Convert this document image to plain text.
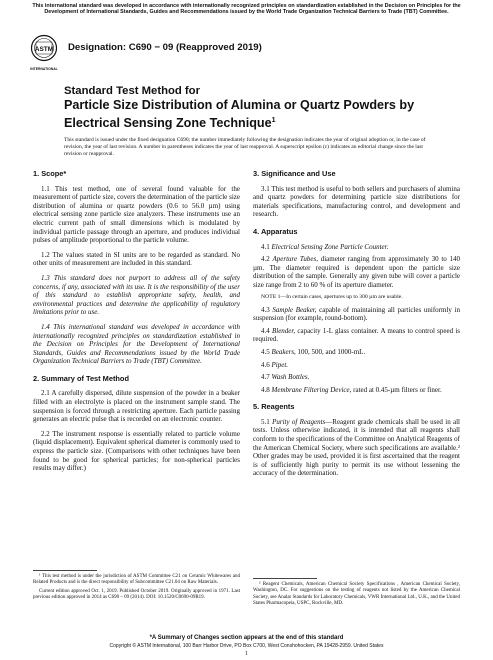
This international standard was developed in accordance with internationally recognized principles on standardization established in the Decision on Principles for the Development of International Standards, Guides and Recommendations issued by the World Trade Organization Technical Barriers to Trade (TBT) Committee.
ASTM
INTERNATIONAL
Designation: C690 − 09 (Reapproved 2019)
Standard Test Method for
Particle Size Distribution of Alumina or Quartz Powders by Electrical Sensing Zone Technique$^1$
This standard is issued under the fixed designation C690; the number immediately following the designation indicates the year of original adoption or, in the case of revision, the year of last revision. A number in parentheses indicates the year of last reapproval. A superscript epsilon (ε) indicates an editorial change since the last revision or reapproval.
1. Scope*

1.1 This test method, one of several found valuable for the measurement of particle size, covers the determination of the particle size distribution of alumina or quartz powders (0.6 to 56.0 µm) using electrical sensing zone particle size analyzers. These instruments use an electric current path of small dimensions which is modulated by individual particle passage through an aperture, and produces individual pulses of amplitude proportional to the particle volume.

1.2 The values stated in SI units are to be regarded as standard. No other units of measurement are included in this standard.

1.3 This standard does not purport to address all of the safety concerns, if any, associated with its use. It is the responsibility of the user of this standard to establish appropriate safety, health, and environmental practices and determine the applicability of regulatory limitations prior to use.

1.4 This international standard was developed in accordance with internationally recognized principles on standardization established in the Decision on Principles for the Development of International Standards, Guides and Recommendations issued by the World Trade Organization Technical Barriers to Trade (TBT) Committee.

2. Summary of Test Method

2.1 A carefully dispersed, dilute suspension of the powder in a beaker filled with an electrolyte is placed on the instrument sample stand. The suspension is forced through a restricting aperture. Each particle passing generates an electric pulse that is recorded on an electronic counter.

2.2 The instrument response is essentially related to particle volume (liquid displacement). Equivalent spherical diameter is commonly used to express the particle size. (Comparisons with other techniques have been found to be good for spherical particles; for non-spherical particles results may differ.)

3. Significance and Use

3.1 This test method is useful to both sellers and purchasers of alumina and quartz powders for determining particle size distributions for materials specifications, manufacturing control, and development and research.

4. Apparatus

4.1 Electrical Sensing Zone Particle Counter.

4.2 Aperture Tubes, diameter ranging from approximately 30 to 140 µm. The diameter required is dependent upon the particle size distribution of the sample. Generally any given tube will cover a particle size range from 2 to 60 % of its aperture diameter.

NOTE 1—In certain cases, apertures up to 300 µm are usable.

4.3 Sample Beaker, capable of maintaining all particles uniformly in suspension (for example, round-bottom).

4.4 Blender, capacity 1-L glass container. A means to control speed is required.

4.5 Beakers, 100, 500, and 1000-mL.

4.6 Pipet.

4.7 Wash Bottles.

4.8 Membrane Filtering Device, rated at 0.45-µm filters or finer.

5. Reagents

5.1 Purity of Reagents—Reagent grade chemicals shall be used in all tests. Unless otherwise indicated, it is intended that all reagents shall conform to the specifications of the Committee on Analytical Reagents of the American Chemical Society, where such specifications are available.² Other grades may be used, provided it is first ascertained that the reagent is of sufficiently high purity to permit its use without lessening the accuracy of the determination.

¹ This test method is under the jurisdiction of ASTM Committee C21 on Ceramic Whitewares and Related Products and is the direct responsibility of Subcommittee C21.04 on Raw Materials.

Current edition approved Oct. 1, 2019. Published October 2019. Originally approved in 1971. Last previous edition approved in 2014 as C690 – 09 (2014). DOI: 10.1520/C0690-09R19.

² Reagent Chemicals, American Chemical Society Specifications , American Chemical Society, Washington, DC. For suggestions on the testing of reagents not listed by the American Chemical Society, see Analar Standards for Laboratory Chemicals, VWR International Ltd., U.K., and the United States Pharmacopeia, USPC, Rockville, MD.

*A Summary of Changes section appears at the end of this standard
Copyright © ASTM International, 100 Barr Harbor Drive, PO Box C700, West Conshohocken, PA 19428-2959. United States
1
